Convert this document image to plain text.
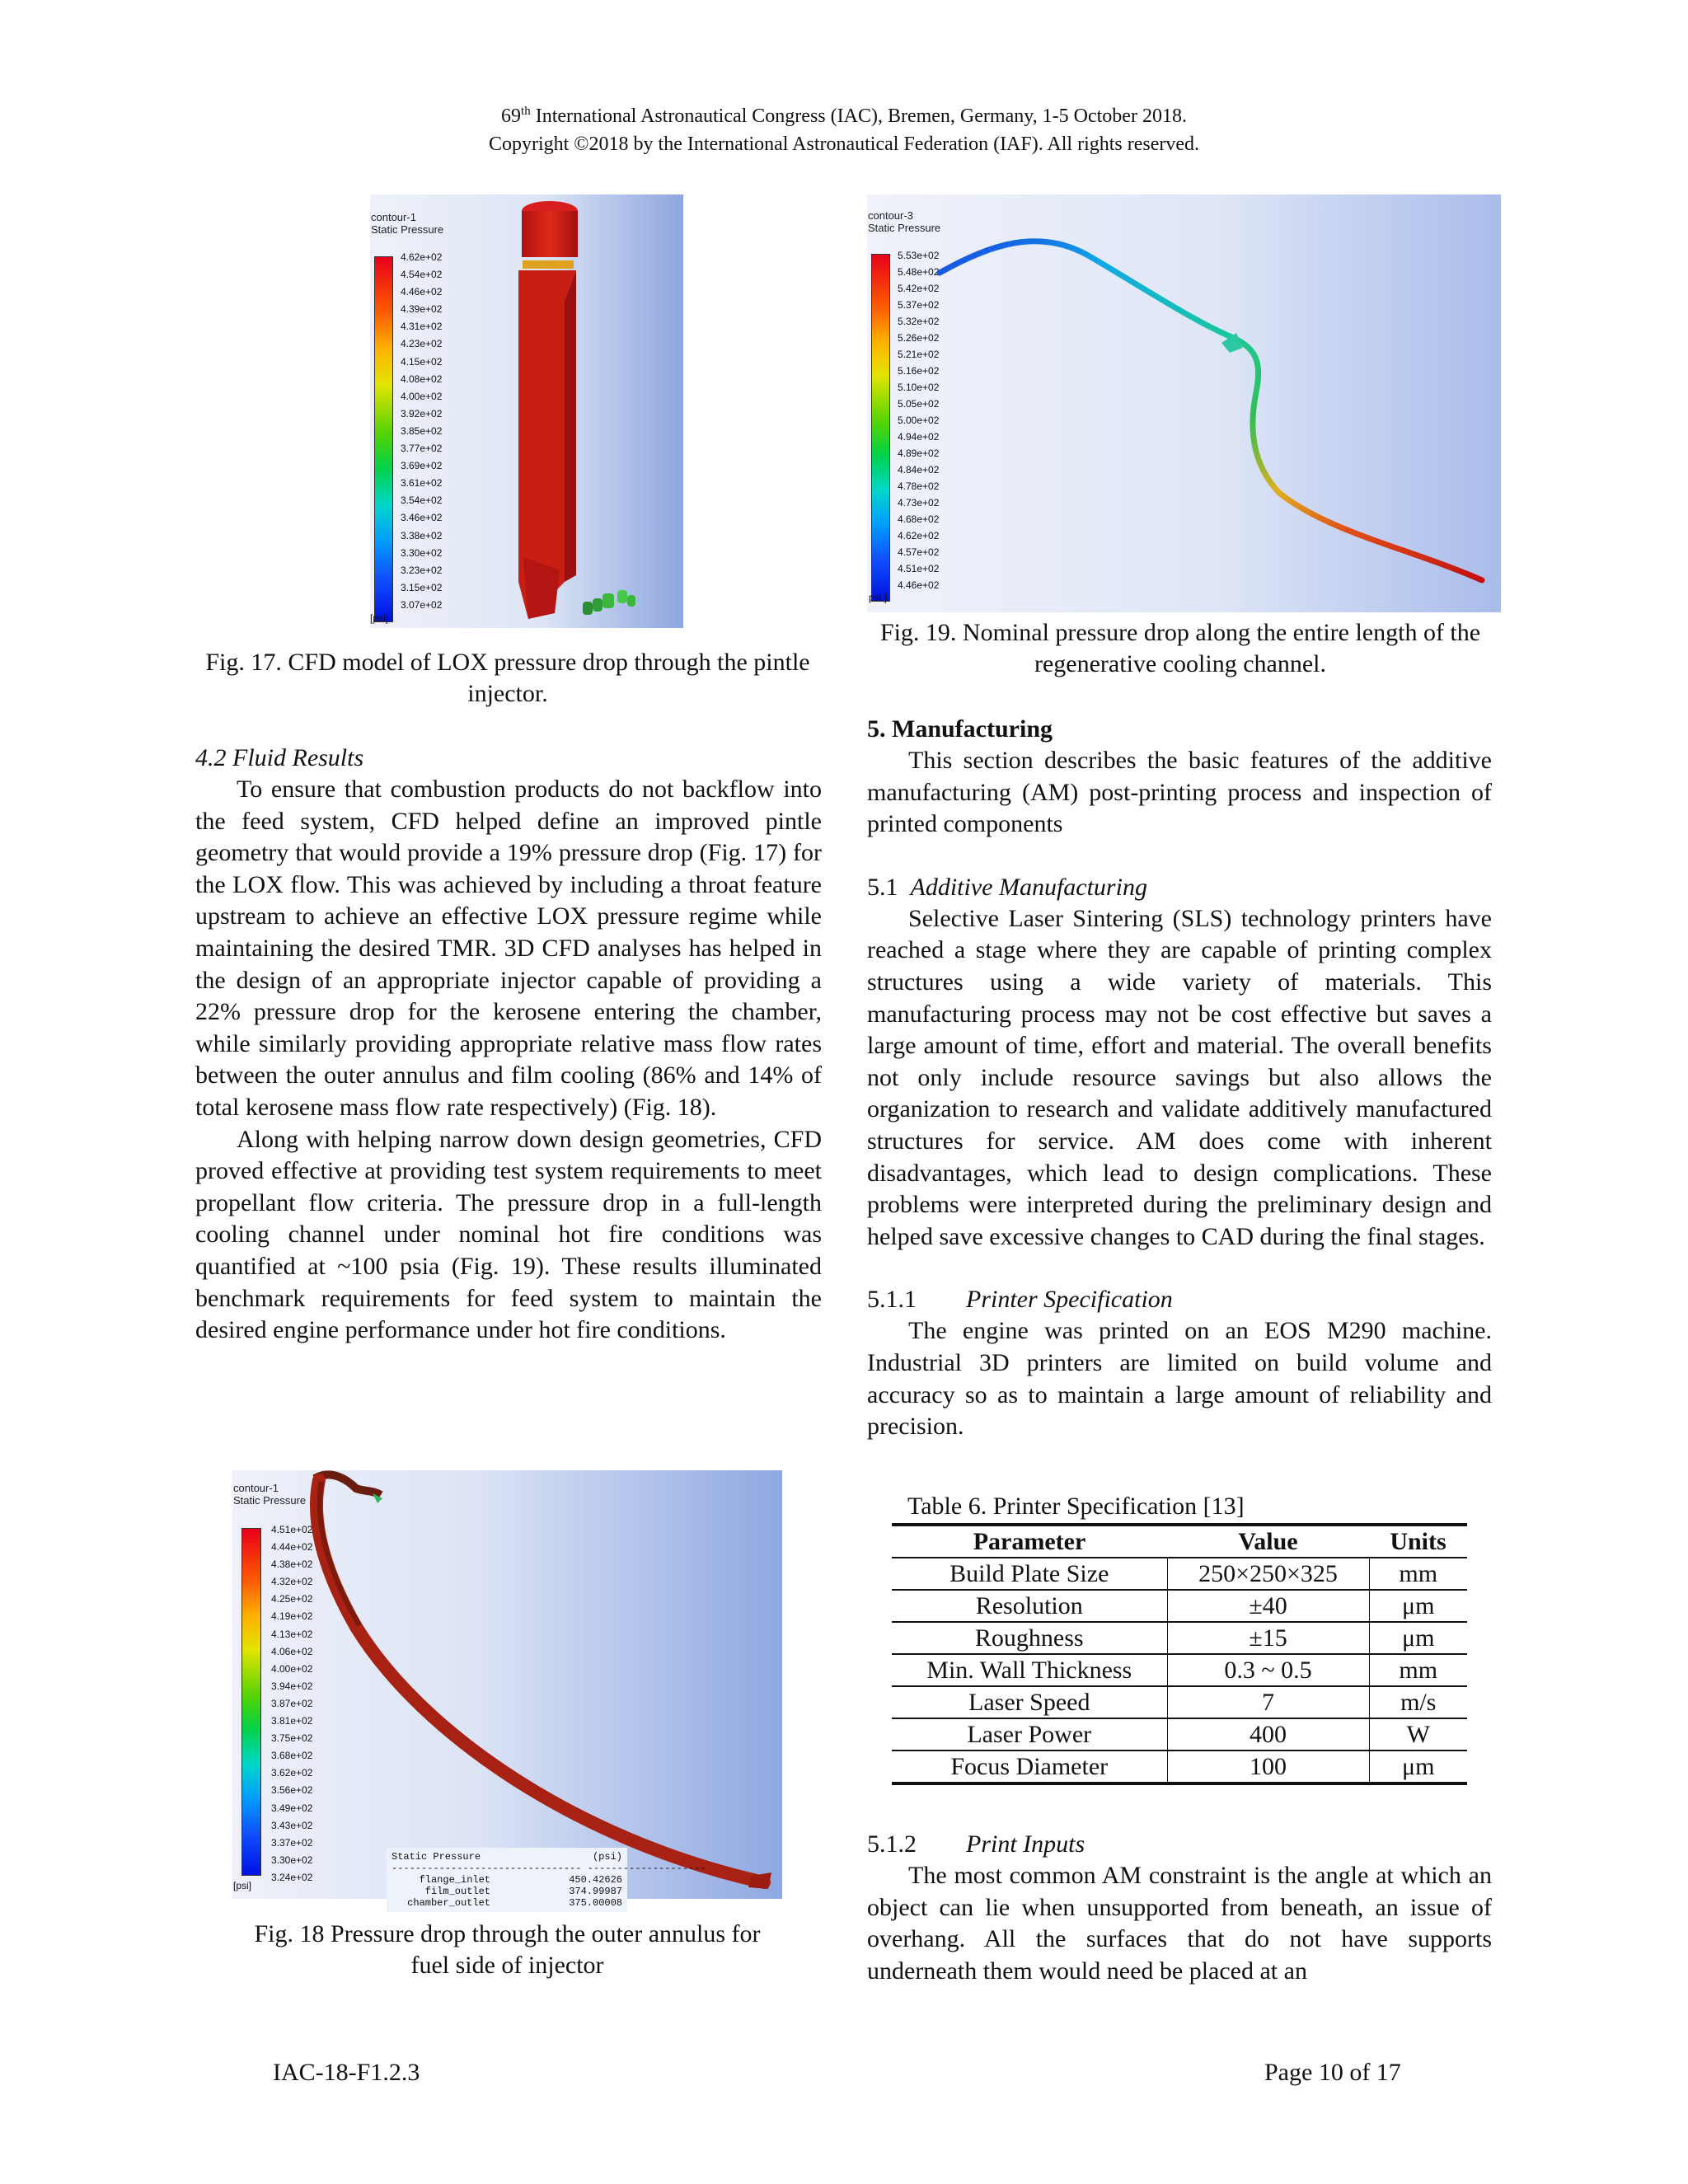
69th International Astronautical Congress (IAC), Bremen, Germany, 1-5 October 2018.
Copyright ©2018 by the International Astronautical Federation (IAF). All rights reserved.
contour-1
Static Pressure
4.62e+02
4.54e+02
4.46e+02
4.39e+02
4.31e+02
4.23e+02
4.15e+02
4.08e+02
4.00e+02
3.92e+02
3.85e+02
3.77e+02
3.69e+02
3.61e+02
3.54e+02
3.46e+02
3.38e+02
3.30e+02
3.23e+02
3.15e+02
3.07e+02
[psi]
Fig. 17. CFD model of LOX pressure drop through the pintle injector.
contour-3
Static Pressure
5.53e+02
5.48e+02
5.42e+02
5.37e+02
5.32e+02
5.26e+02
5.21e+02
5.16e+02
5.10e+02
5.05e+02
5.00e+02
4.94e+02
4.89e+02
4.84e+02
4.78e+02
4.73e+02
4.68e+02
4.62e+02
4.57e+02
4.51e+02
4.46e+02
psi ]
Fig. 19. Nominal pressure drop along the entire length of the regenerative cooling channel.
4.2 Fluid Results

To ensure that combustion products do not backflow into the feed system, CFD helped define an improved pintle geometry that would provide a 19% pressure drop (Fig. 17) for the LOX flow. This was achieved by including a throat feature upstream to achieve an effective LOX pressure regime while maintaining the desired TMR. 3D CFD analyses has helped in the design of an appropriate injector capable of providing a 22% pressure drop for the kerosene entering the chamber, while similarly providing appropriate relative mass flow rates between the outer annulus and film cooling (86% and 14% of total kerosene mass flow rate respectively) (Fig. 18).

Along with helping narrow down design geometries, CFD proved effective at providing test system requirements to meet propellant flow criteria. The pressure drop in a full-length cooling channel under nominal hot fire conditions was quantified at ~100 psia (Fig. 19). These results illuminated benchmark requirements for feed system to maintain the desired engine performance under hot fire conditions.

contour-1
Static Pressure
4.51e+02
4.44e+02
4.38e+02
4.32e+02
4.25e+02
4.19e+02
4.13e+02
4.06e+02
4.00e+02
3.94e+02
3.87e+02
3.81e+02
3.75e+02
3.68e+02
3.62e+02
3.56e+02
3.49e+02
3.43e+02
3.37e+02
3.30e+02
3.24e+02
[psi]
Static Pressure	(psi)
-------------------------------- --------------------
flange_inlet	450.42626
film_outlet	374.99987
chamber_outlet	375.00008
Fig. 18 Pressure drop through the outer annulus for fuel side of injector
5. Manufacturing

This section describes the basic features of the additive manufacturing (AM) post-printing process and inspection of printed components

5.1 Additive Manufacturing

Selective Laser Sintering (SLS) technology printers have reached a stage where they are capable of printing complex structures using a wide variety of materials. This manufacturing process may not be cost effective but saves a large amount of time, effort and material. The overall benefits not only include resource savings but also allows the organization to research and validate additively manufactured structures for service. AM does come with inherent disadvantages, which lead to design complications. These problems were interpreted during the preliminary design and helped save excessive changes to CAD during the final stages.

5.1.1 Printer Specification

The engine was printed on an EOS M290 machine. Industrial 3D printers are limited on build volume and accuracy so as to maintain a large amount of reliability and precision.

Table 6. Printer Specification [13]
Parameter	Value	Units
Build Plate Size	250×250×325	mm
Resolution	±40	μm
Roughness	±15	μm
Min. Wall Thickness	0.3 ~ 0.5	mm
Laser Speed	7	m/s
Laser Power	400	W
Focus Diameter	100	μm
5.1.2 Print Inputs

The most common AM constraint is the angle at which an object can lie when unsupported from beneath, an issue of overhang. All the surfaces that do not have supports underneath them would need be placed at an

IAC-18-F1.2.3	Page 10 of 17
